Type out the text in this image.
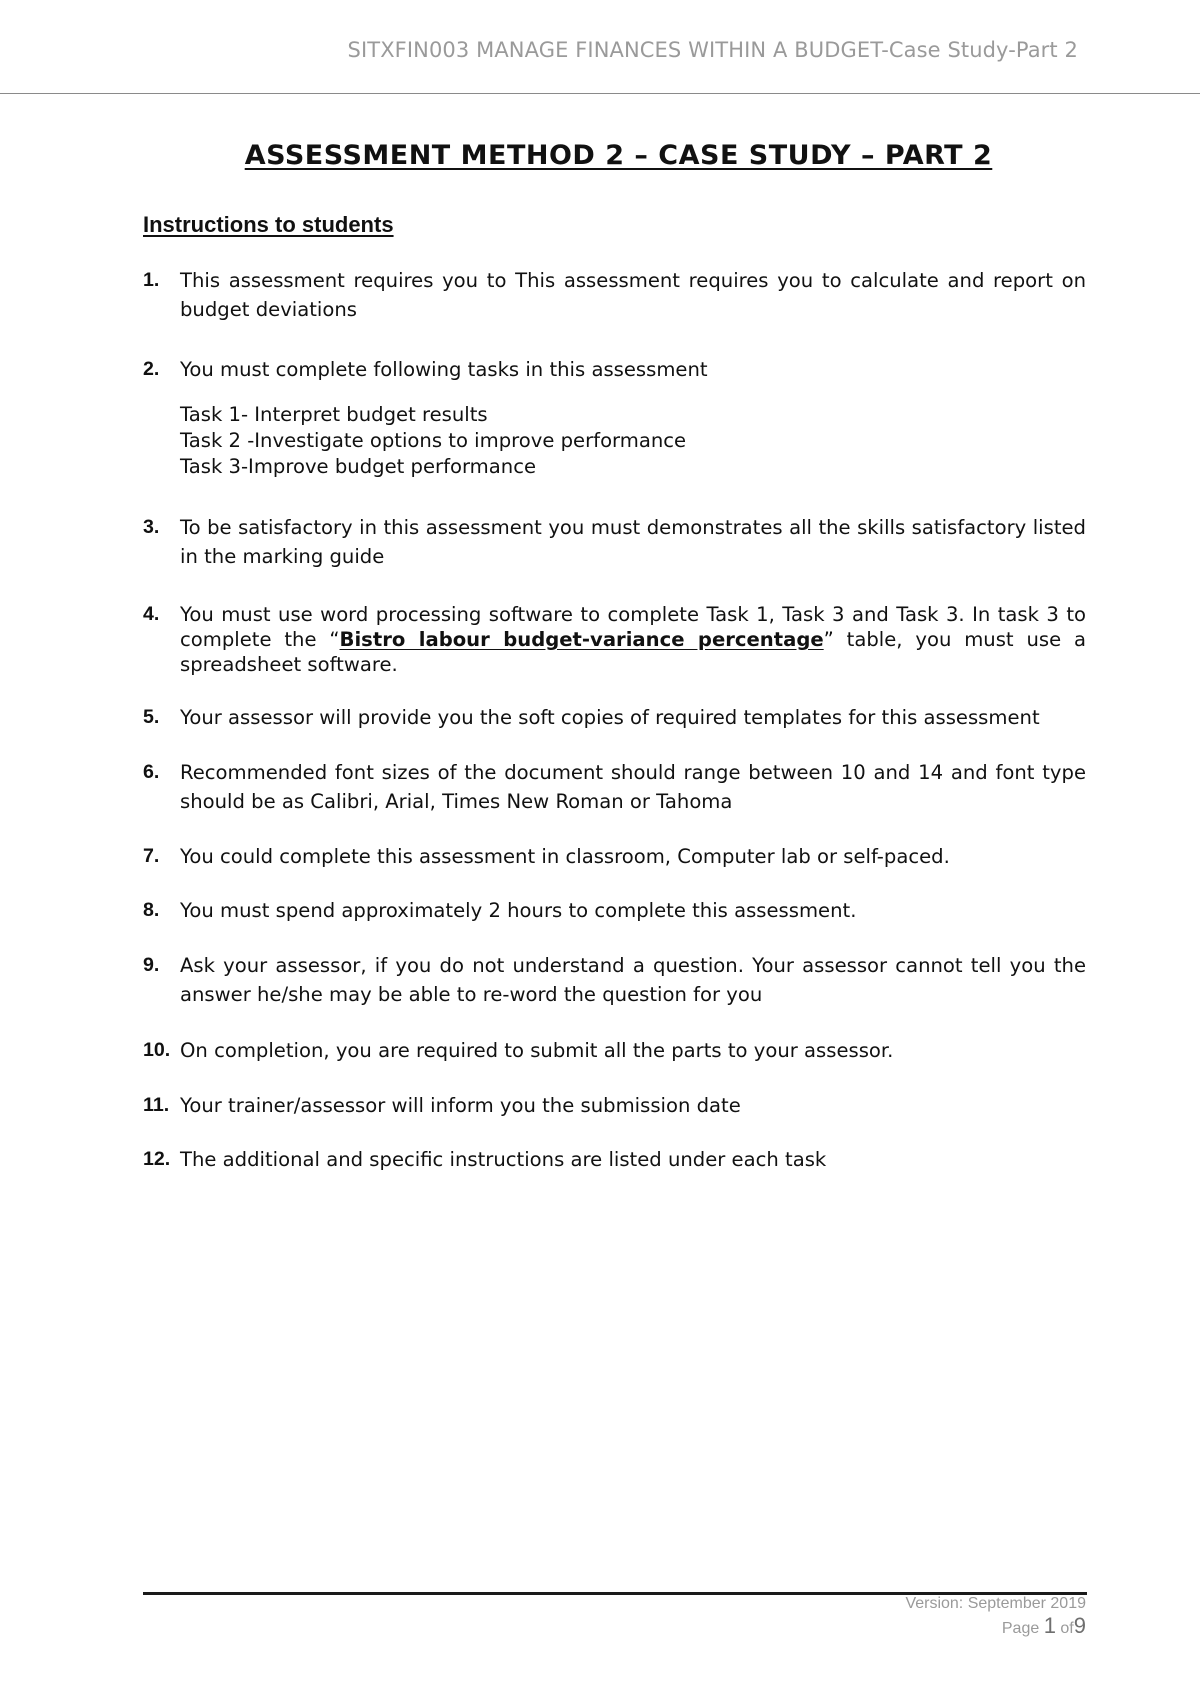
SITXFIN003 MANAGE FINANCES WITHIN A BUDGET-Case Study-Part 2
ASSESSMENT METHOD 2 – CASE STUDY – PART 2
Instructions to students
1. This assessment requires you to This assessment requires you to calculate and report on budget deviations
2. You must complete following tasks in this assessment
Task 1- Interpret budget results
Task 2 -Investigate options to improve performance
Task 3-Improve budget performance
3. To be satisfactory in this assessment you must demonstrates all the skills satisfactory listed in the marking guide
4. You must use word processing software to complete Task 1, Task 3 and Task 3. In task 3 to complete the “Bistro labour budget-variance percentage” table, you must use a spreadsheet software.
5. Your assessor will provide you the soft copies of required templates for this assessment
6. Recommended font sizes of the document should range between 10 and 14 and font type should be as Calibri, Arial, Times New Roman or Tahoma
7. You could complete this assessment in classroom, Computer lab or self-paced.
8. You must spend approximately 2 hours to complete this assessment.
9. Ask your assessor, if you do not understand a question. Your assessor cannot tell you the answer he/she may be able to re-word the question for you
10. On completion, you are required to submit all the parts to your assessor.
11. Your trainer/assessor will inform you the submission date
12. The additional and specific instructions are listed under each task
Version: September 2019
Page 1 of9
